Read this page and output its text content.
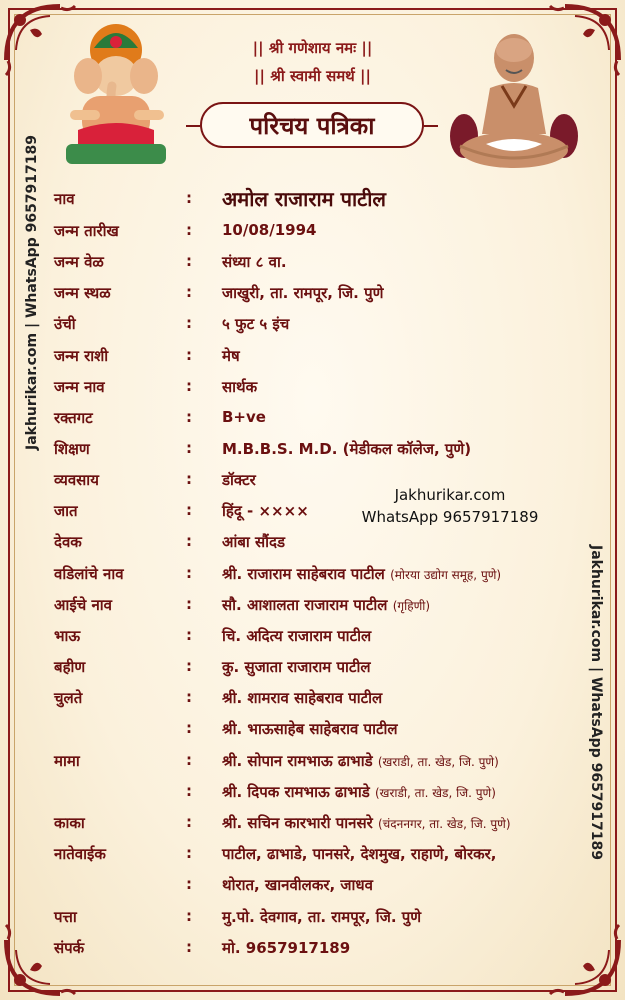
|| श्री गणेशाय नमः ||
|| श्री स्वामी समर्थ ||
परिचय पत्रिका
Jakhurikar.com | WhatsApp 9657917189
Jakhurikar.com | WhatsApp 9657917189
नाव	: अमोल राजाराम पाटील
जन्म तारीख	: 10/08/1994
जन्म वेळ	: संध्या ८ वा.
जन्म स्थळ	: जाखुरी, ता. रामपूर, जि. पुणे
उंची	: ५ फुट ५ इंच
जन्म राशी	: मेष
जन्म नाव	: सार्थक
रक्तगट	: B+ve
शिक्षण	: M.B.B.S. M.D. (मेडीकल कॉलेज, पुणे)
व्यवसाय	: डॉक्टर
जात	: हिंदू - ××××
देवक	: आंबा सौंदड
वडिलांचे नाव	: श्री. राजाराम साहेबराव पाटील (मोरया उद्योग समूह, पुणे)
आईचे नाव	: सौ. आशालता राजाराम पाटील (गृहिणी)
भाऊ	: चि. अदित्य राजाराम पाटील
बहीण	: कु. सुजाता राजाराम पाटील
चुलते	: श्री. शामराव साहेबराव पाटील
: श्री. भाऊसाहेब साहेबराव पाटील
मामा	: श्री. सोपान रामभाऊ ढाभाडे (खराडी, ता. खेड, जि. पुणे)
: श्री. दिपक रामभाऊ ढाभाडे (खराडी, ता. खेड, जि. पुणे)
काका	: श्री. सचिन कारभारी पानसरे (चंदननगर, ता. खेड, जि. पुणे)
नातेवाईक	: पाटील, ढाभाडे, पानसरे, देशमुख, राहाणे, बोरकर,
: थोरात, खानवीलकर, जाधव
पत्ता	: मु.पो. देवगाव, ता. रामपूर, जि. पुणे
संपर्क	: मो. 9657917189
Jakhurikar.com
WhatsApp 9657917189
